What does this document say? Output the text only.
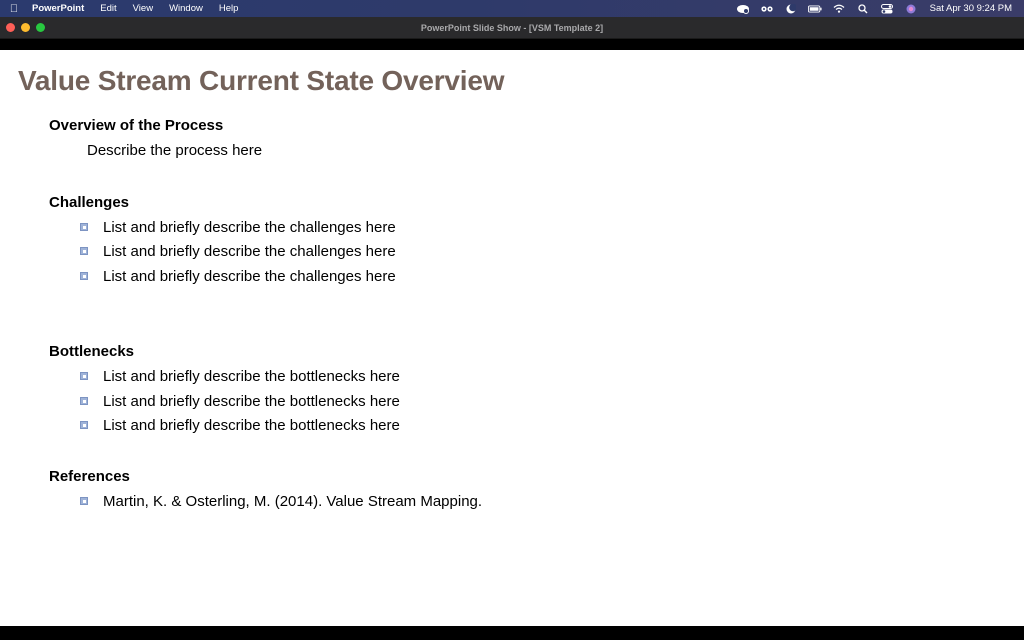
PowerPoint	Edit	View	Window	Help	Sat Apr 30 9:24 PM
PowerPoint Slide Show - [VSM Template 2]
Value Stream Current State Overview
Overview of the Process
Describe the process here
Challenges
List and briefly describe the challenges here
List and briefly describe the challenges here
List and briefly describe the challenges here
Bottlenecks
List and briefly describe the bottlenecks here
List and briefly describe the bottlenecks here
List and briefly describe the bottlenecks here
References
Martin, K. & Osterling, M. (2014). Value Stream Mapping.
